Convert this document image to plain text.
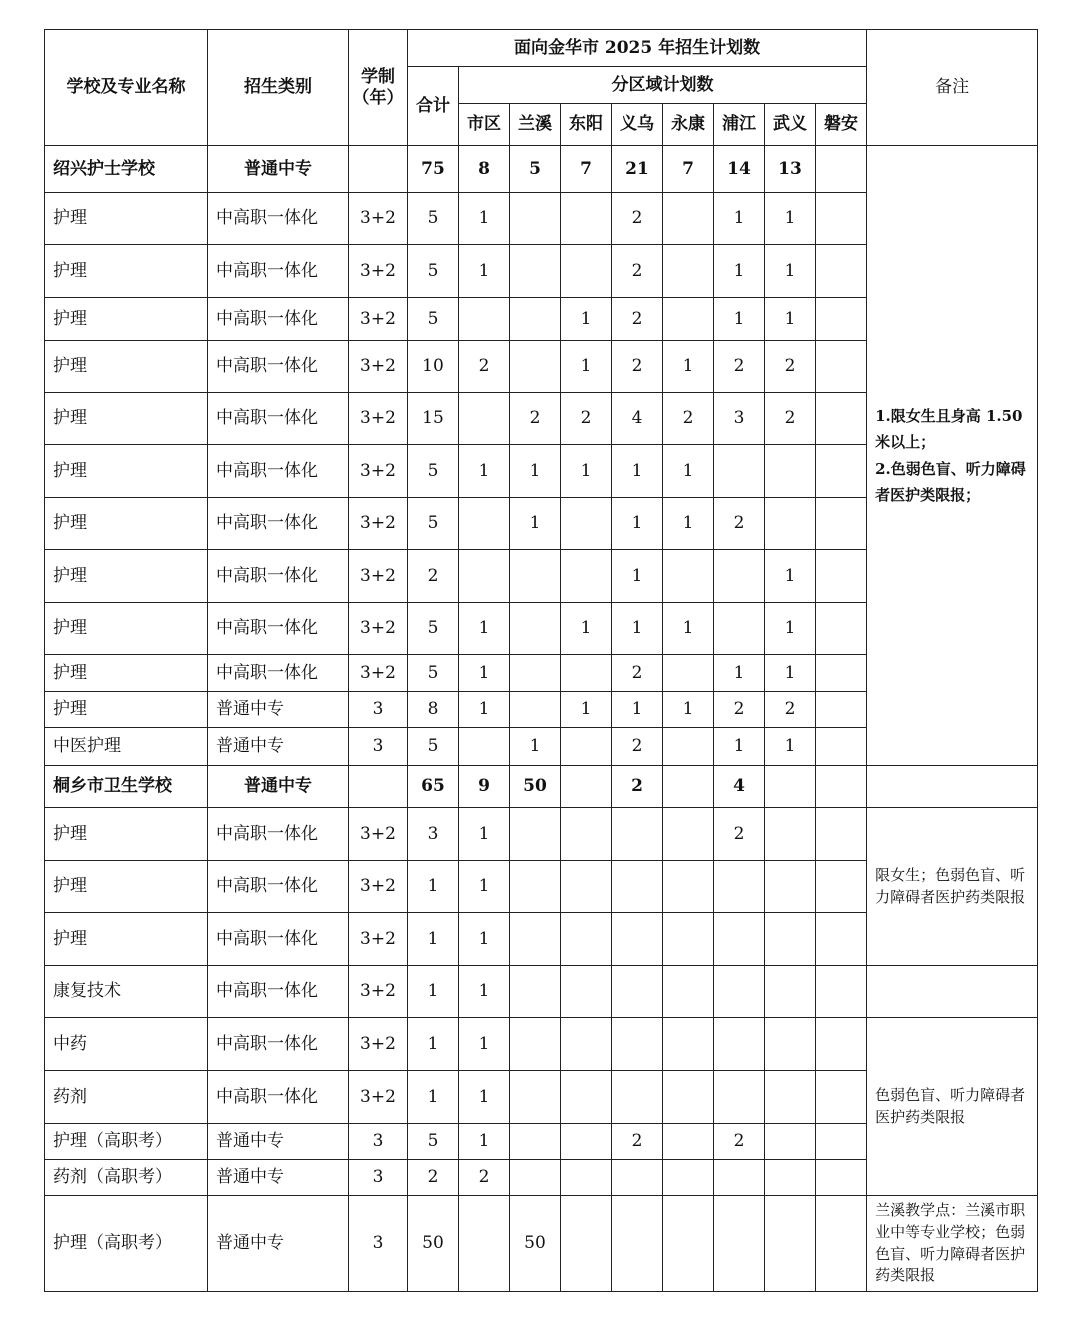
学校及专业名称	招生类别	学制（年）	面向金华市 2025 年招生计划数									备注
			合计	分区域计划数								
				市区	兰溪	东阳	义乌	永康	浦江	武义	磐安	
绍兴护士学校	普通中专		75	8	5	7	21	7	14	13		1.限女生且身高 1.50 米以上；
2.色弱色盲、听力障碍者医护类限报；
护理	中高职一体化	3+2	5	1			2		1	1		
护理	中高职一体化	3+2	5	1			2		1	1		
护理	中高职一体化	3+2	5			1	2		1	1		
护理	中高职一体化	3+2	10	2		1	2	1	2	2		
护理	中高职一体化	3+2	15		2	2	4	2	3	2		
护理	中高职一体化	3+2	5	1	1	1	1	1				
护理	中高职一体化	3+2	5		1		1	1	2			
护理	中高职一体化	3+2	2				1			1		
护理	中高职一体化	3+2	5	1		1	1	1		1		
护理	中高职一体化	3+2	5	1			2		1	1		
护理	普通中专	3	8	1		1	1	1	2	2		
中医护理	普通中专	3	5		1		2		1	1		
桐乡市卫生学校	普通中专		65	9	50		2		4			
护理	中高职一体化	3+2	3	1					2			限女生；色弱色盲、听力障碍者医护药类限报
护理	中高职一体化	3+2	1	1								
护理	中高职一体化	3+2	1	1								
康复技术	中高职一体化	3+2	1	1								
中药	中高职一体化	3+2	1	1								色弱色盲、听力障碍者医护药类限报
药剂	中高职一体化	3+2	1	1								
护理（高职考）	普通中专	3	5	1			2		2			
药剂（高职考）	普通中专	3	2	2								
护理（高职考）	普通中专	3	50		50							兰溪教学点：兰溪市职业中等专业学校；色弱色盲、听力障碍者医护药类限报
